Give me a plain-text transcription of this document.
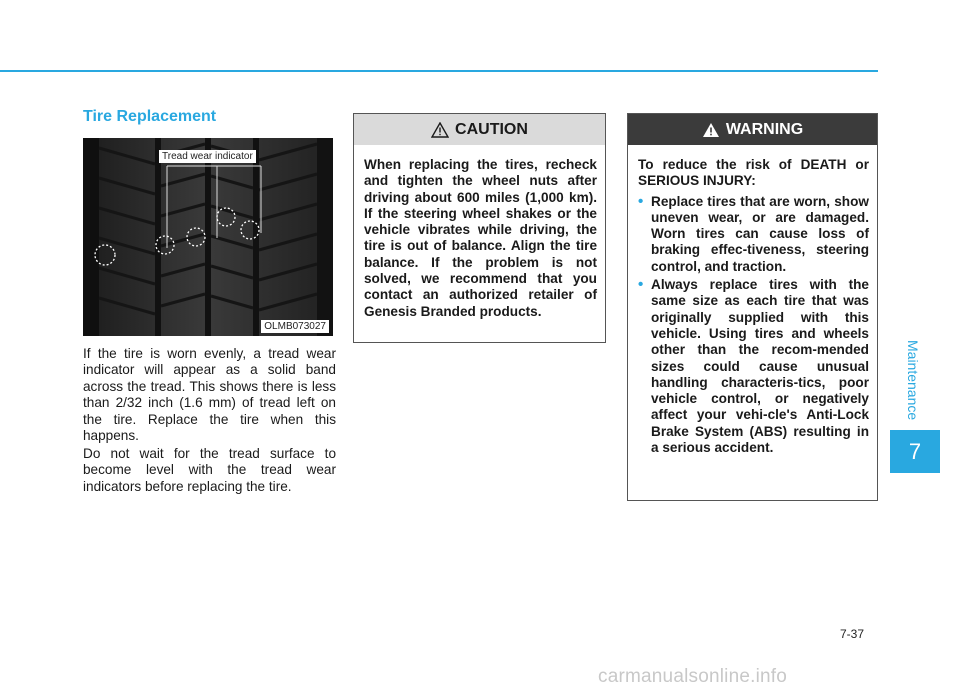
Tire Replacement
OLMB073027
Tread wear indicator
If the tire is worn evenly, a tread wear indicator will appear as a solid band across the tread. This shows there is less than 2/32 inch (1.6 mm) of tread left on the tire. Replace the tire when this happens.
Do not wait for the tread surface to become level with the tread wear indicators before replacing the tire.
CAUTION
When replacing the tires, recheck and tighten the wheel nuts after driving about 600 miles (1,000 km). If the steering wheel shakes or the vehicle vibrates while driving, the tire is out of balance. Align the tire balance. If the problem is not solved, we recommend that you contact an authorized retailer of Genesis Branded products.
WARNING
To reduce the risk of DEATH or SERIOUS INJURY:
• Replace tires that are worn, show uneven wear, or are damaged. Worn tires can cause loss of braking effec-tiveness, steering control, and traction.
• Always replace tires with the same size as each tire that was originally supplied with this vehicle. Using tires and wheels other than the recom-mended sizes could cause unusual handling characteris-tics, poor vehicle control, or negatively affect your vehi-cle's Anti-Lock Brake System (ABS) resulting in a serious accident.
Maintenance
7
7-37
carmanualsonline.info
